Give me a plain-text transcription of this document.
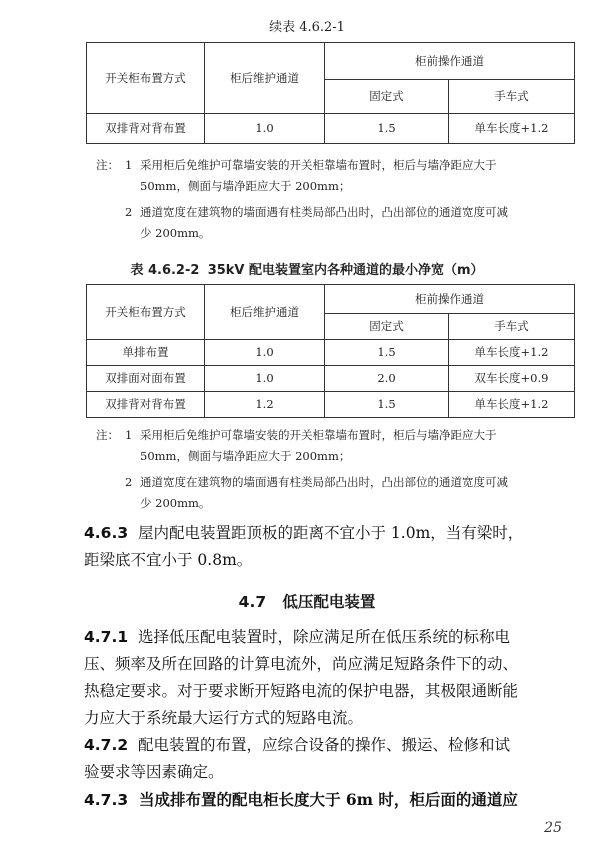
续表 4.6.2-1
开关柜布置方式	柜后维护通道	柜前操作通道	
		固定式	手车式
双排背对背布置	1.0	1.5	单车长度+1.2
注： 1 采用柜后免维护可靠墙安装的开关柜靠墙布置时，柜后与墙净距应大于
50mm，侧面与墙净距应大于 200mm；
2 通道宽度在建筑物的墙面遇有柱类局部凸出时，凸出部位的通道宽度可减
少 200mm。
表 4.6.2-2 35kV 配电装置室内各种通道的最小净宽（m）
开关柜布置方式	柜后维护通道	柜前操作通道	
		固定式	手车式
单排布置	1.0	1.5	单车长度+1.2
双排面对面布置	1.0	2.0	双车长度+0.9
双排背对背布置	1.2	1.5	单车长度+1.2
注： 1 采用柜后免维护可靠墙安装的开关柜靠墙布置时，柜后与墙净距应大于
50mm，侧面与墙净距应大于 200mm；
2 通道宽度在建筑物的墙面遇有柱类局部凸出时，凸出部位的通道宽度可减
少 200mm。
4.6.3 屋内配电装置距顶板的距离不宜小于 1.0m，当有梁时，
距梁底不宜小于 0.8m。
4.7 低压配电装置
4.7.1 选择低压配电装置时，除应满足所在低压系统的标称电
压、频率及所在回路的计算电流外，尚应满足短路条件下的动、
热稳定要求。对于要求断开短路电流的保护电器，其极限通断能
力应大于系统最大运行方式的短路电流。
4.7.2 配电装置的布置，应综合设备的操作、搬运、检修和试
验要求等因素确定。
4.7.3 当成排布置的配电柜长度大于 6m 时，柜后面的通道应
25
